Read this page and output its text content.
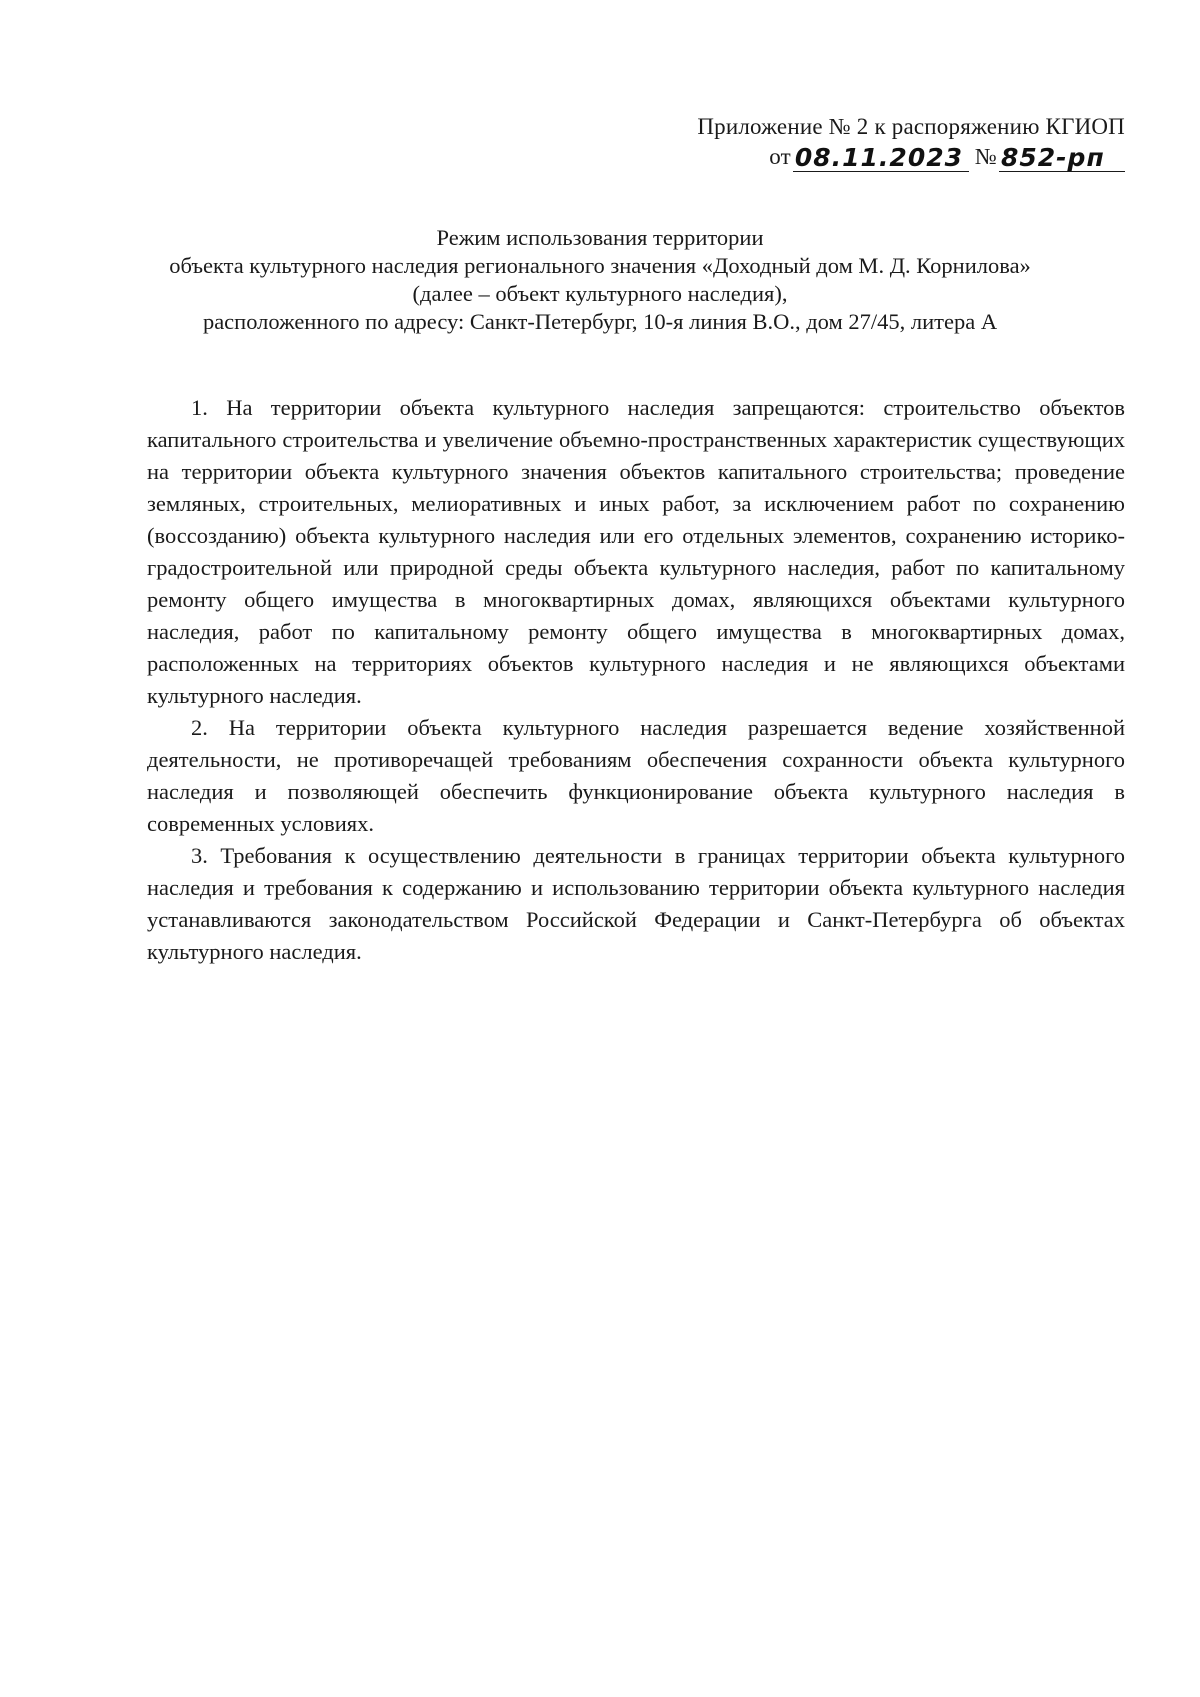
Приложение № 2 к распоряжению КГИОП
от 08.11.2023 № 852-рп
Режим использования территории
объекта культурного наследия регионального значения «Доходный дом М. Д. Корнилова»
(далее – объект культурного наследия),
расположенного по адресу: Санкт-Петербург, 10-я линия В.О., дом 27/45, литера А

1. На территории объекта культурного наследия запрещаются: строительство объектов капитального строительства и увеличение объемно-пространственных характеристик существующих на территории объекта культурного значения объектов капитального строительства; проведение земляных, строительных, мелиоративных и иных работ, за исключением работ по сохранению (воссозданию) объекта культурного наследия или его отдельных элементов, сохранению историко-градостроительной или природной среды объекта культурного наследия, работ по капитальному ремонту общего имущества в многоквартирных домах, являющихся объектами культурного наследия, работ по капитальному ремонту общего имущества в многоквартирных домах, расположенных на территориях объектов культурного наследия и не являющихся объектами культурного наследия.

2. На территории объекта культурного наследия разрешается ведение хозяйственной деятельности, не противоречащей требованиям обеспечения сохранности объекта культурного наследия и позволяющей обеспечить функционирование объекта культурного наследия в современных условиях.

3. Требования к осуществлению деятельности в границах территории объекта культурного наследия и требования к содержанию и использованию территории объекта культурного наследия устанавливаются законодательством Российской Федерации и Санкт-Петербурга об объектах культурного наследия.
